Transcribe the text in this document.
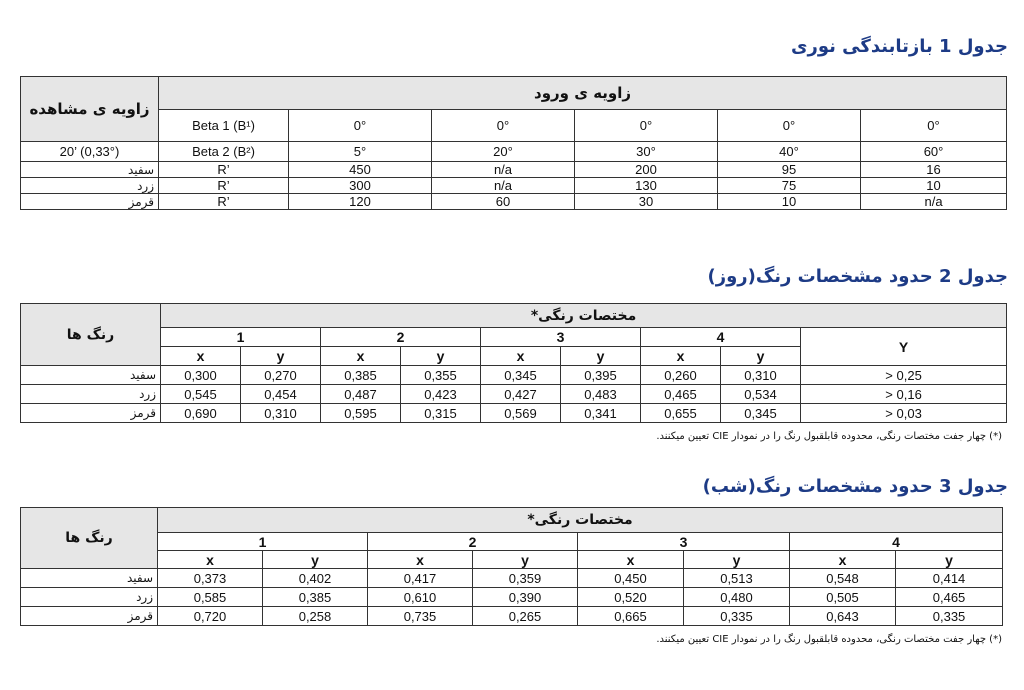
جدول 1 بازتابندگی نوری
زاویه ی مشاهده	زاویه ی ورود					
	Beta 1 (B¹)	0°	0°	0°	0°	0°
20’ (0,33°)	Beta 2 (B²)	5°	20°	30°	40°	60°
سفید	R’	450	n/a	200	95	16
زرد	R’	300	n/a	130	75	10
قرمز	R’	120	60	30	10	n/a
جدول 2 حدود مشخصات رنگ(روز)
رنگ ها	مختصات رنگی*								
	1		2		3		4		Y
	x	y	x	y	x	y	x	y	
سفید	0,300	0,270	0,385	0,355	0,345	0,395	0,260	0,310	> 0,25
زرد	0,545	0,454	0,487	0,423	0,427	0,483	0,465	0,534	> 0,16
قرمز	0,690	0,310	0,595	0,315	0,569	0,341	0,655	0,345	> 0,03
(*) چهار جفت مختصات رنگی، محدوده قابلقبول رنگ را در نمودار CIE تعیین میکنند.
جدول 3 حدود مشخصات رنگ(شب)
رنگ ها	مختصات رنگی*							
	1		2		3		4	
	x	y	x	y	x	y	x	y
سفید	0,373	0,402	0,417	0,359	0,450	0,513	0,548	0,414
زرد	0,585	0,385	0,610	0,390	0,520	0,480	0,505	0,465
قرمز	0,720	0,258	0,735	0,265	0,665	0,335	0,643	0,335
(*) چهار جفت مختصات رنگی، محدوده قابلقبول رنگ را در نمودار CIE تعیین میکنند.
